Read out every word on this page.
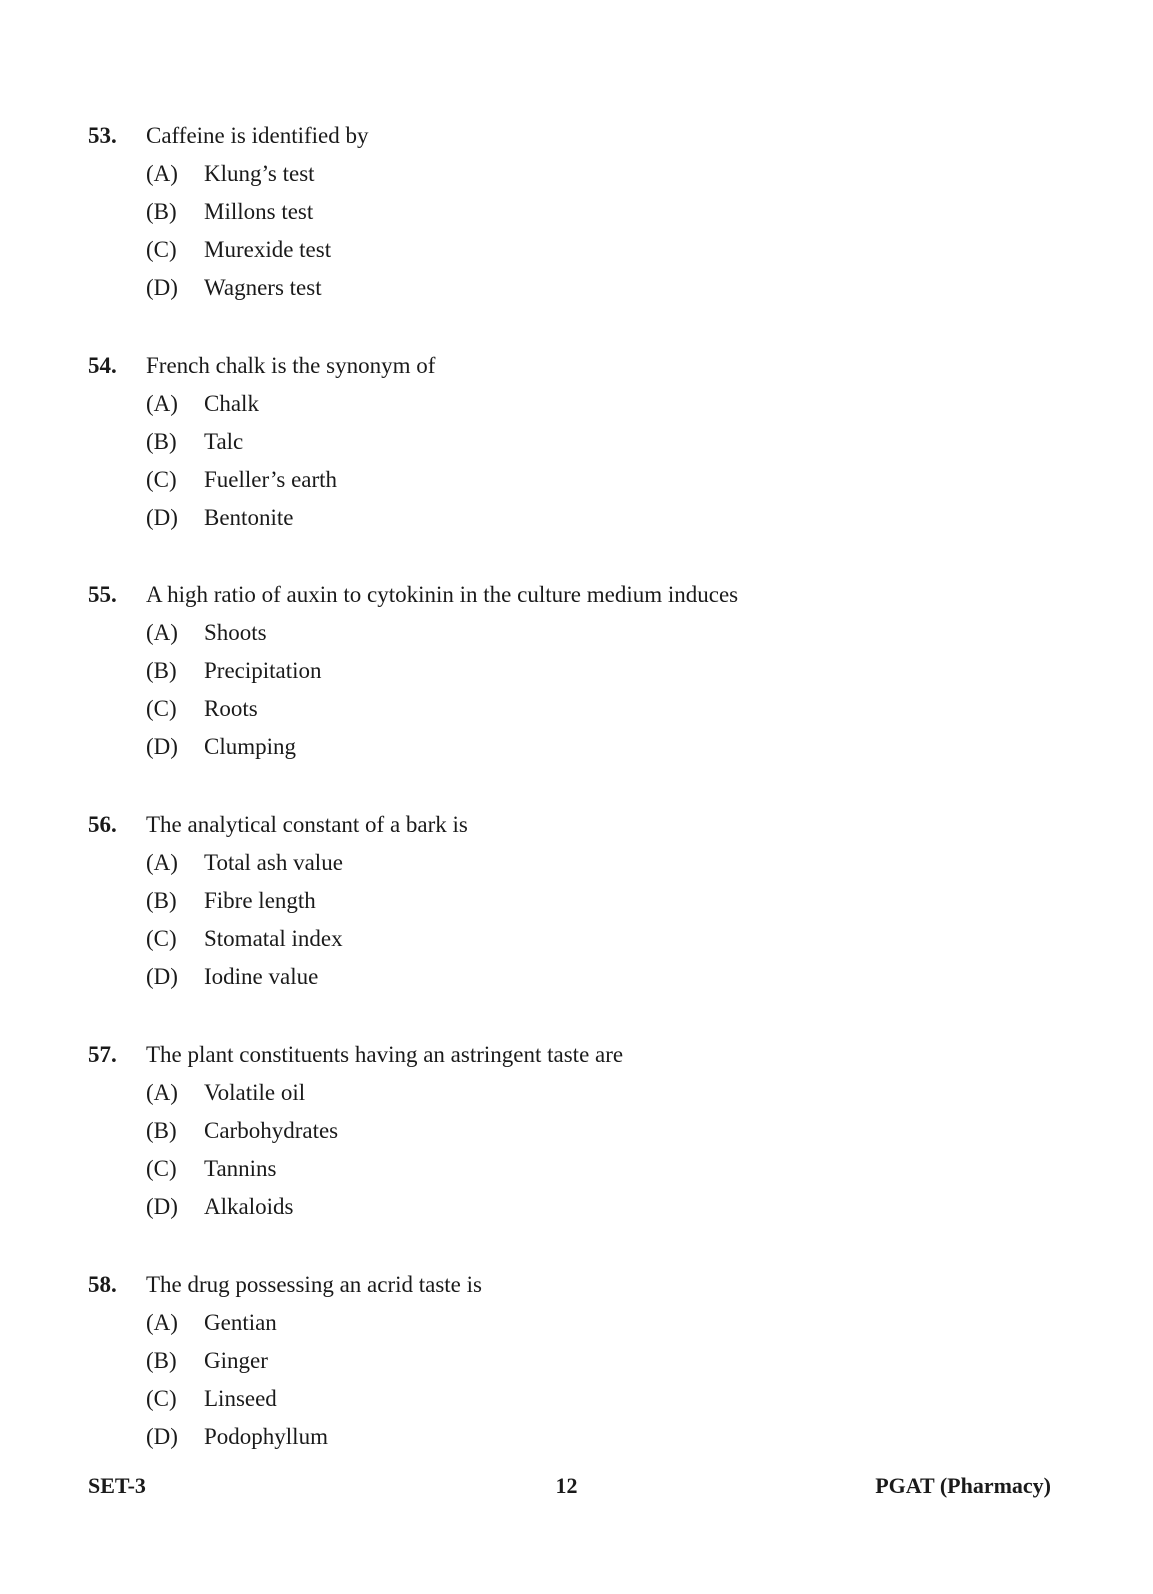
53. Caffeine is identified by
(A) Klung’s test
(B) Millons test
(C) Murexide test
(D) Wagners test
54. French chalk is the synonym of
(A) Chalk
(B) Talc
(C) Fueller’s earth
(D) Bentonite
55. A high ratio of auxin to cytokinin in the culture medium induces
(A) Shoots
(B) Precipitation
(C) Roots
(D) Clumping
56. The analytical constant of a bark is
(A) Total ash value
(B) Fibre length
(C) Stomatal index
(D) Iodine value
57. The plant constituents having an astringent taste are
(A) Volatile oil
(B) Carbohydrates
(C) Tannins
(D) Alkaloids
58. The drug possessing an acrid taste is
(A) Gentian
(B) Ginger
(C) Linseed
(D) Podophyllum
SET-3	12	PGAT (Pharmacy)
